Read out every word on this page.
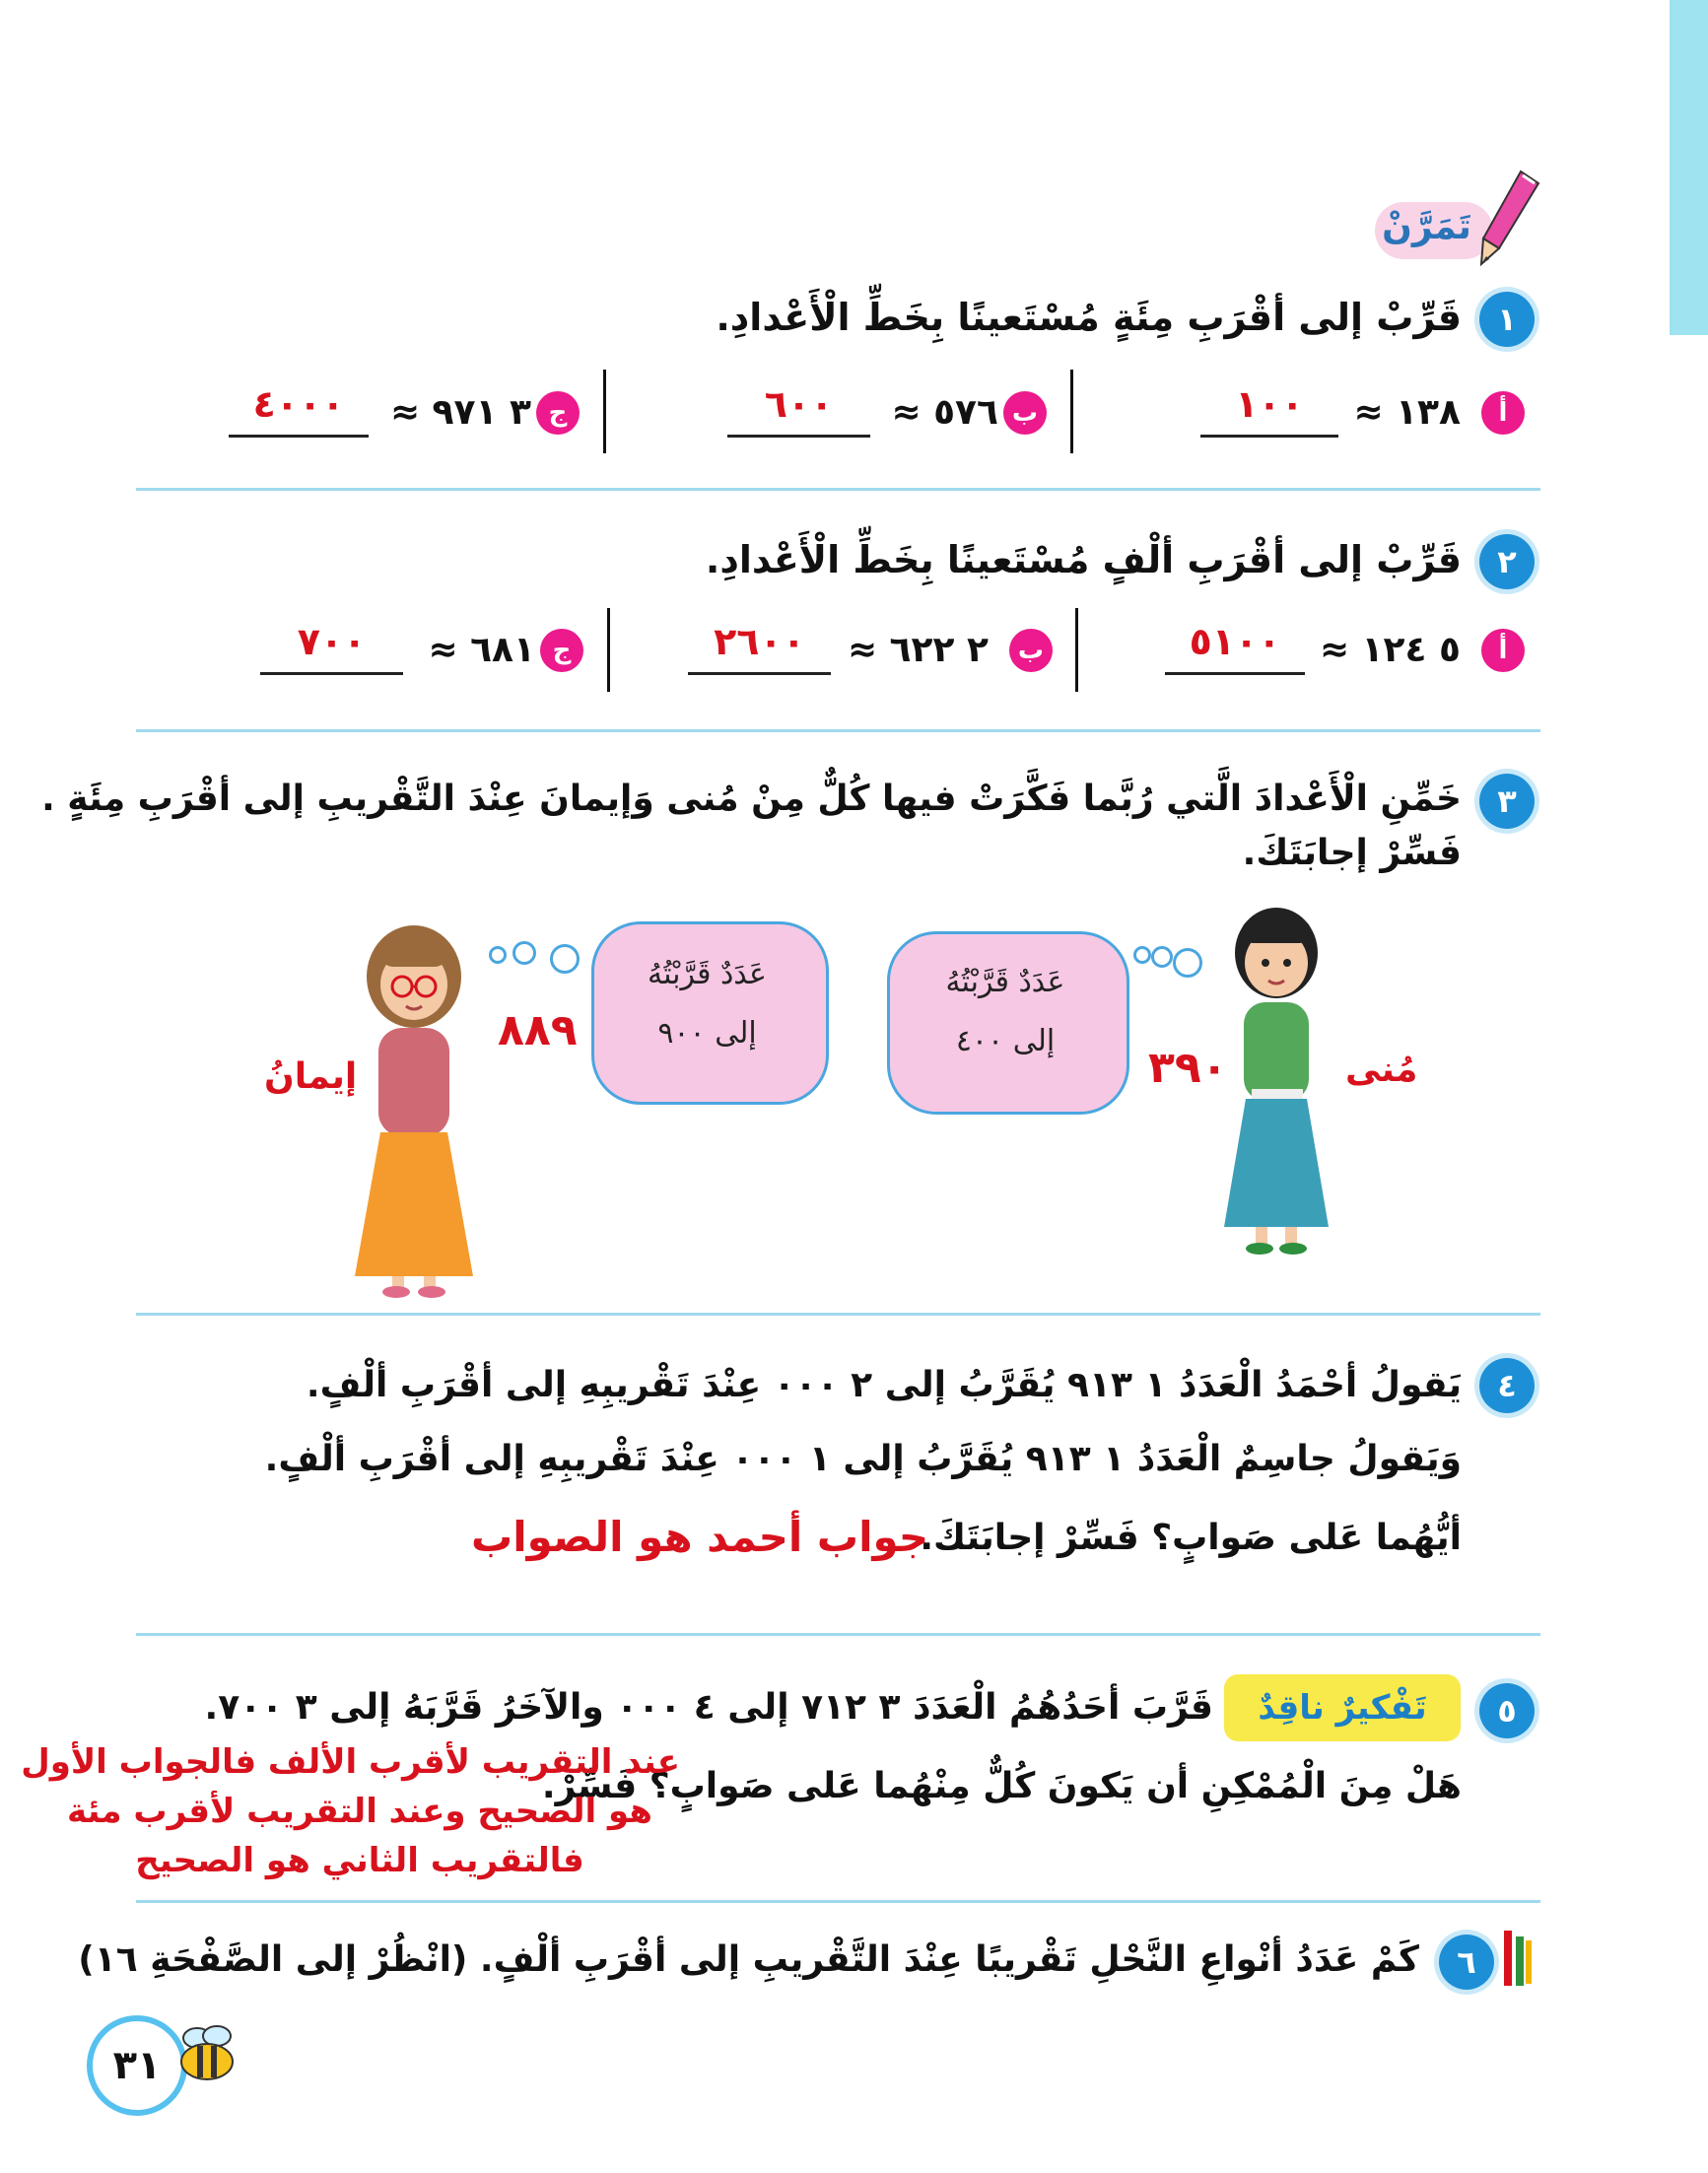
تَمَرَّنْ
١
قَرِّبْ إلى أقْرَبِ مِئَةٍ مُسْتَعينًا بِخَطِّ الْأَعْدادِ.
أ
١٣٨ ≈
١٠٠
ب
٥٧٦ ≈
٦٠٠
ج
٣ ٩٧١ ≈
٤٠٠٠
٢
قَرِّبْ إلى أقْرَبِ ألْفٍ مُسْتَعينًا بِخَطِّ الْأَعْدادِ.
أ
٥ ١٢٤ ≈
٥١٠٠
ب
٢ ٦٢٢ ≈
٢٦٠٠
ج
٦٨١ ≈
٧٠٠
٣
خَمِّنِ الْأَعْدادَ الَّتي رُبَّما فَكَّرَتْ فيها كُلٌّ مِنْ مُنى وَإيمانَ عِنْدَ التَّقْريبِ إلى أقْرَبِ مِئَةٍ .
فَسِّرْ إجابَتَكَ.
عَدَدٌ قَرَّبْتُهُ
إلى ٤٠٠
عَدَدٌ قَرَّبْتُهُ
إلى ٩٠٠
مُنى
٣٩٠
إيمانُ
٨٨٩
٤
يَقولُ أحْمَدُ الْعَدَدُ ١ ٩١٣ يُقَرَّبُ إلى ٢ ٠٠٠ عِنْدَ تَقْريبِهِ إلى أقْرَبِ ألْفٍ.
وَيَقولُ جاسِمٌ الْعَدَدُ ١ ٩١٣ يُقَرَّبُ إلى ١ ٠٠٠ عِنْدَ تَقْريبِهِ إلى أقْرَبِ ألْفٍ.
أيُّهُما عَلى صَوابٍ؟ فَسِّرْ إجابَتَكَ.
جواب أحمد هو الصواب
٥
تَفْكيرٌ ناقِدٌ
قَرَّبَ أحَدُهُمُ الْعَدَدَ ٣ ٧١٢ إلى ٤ ٠٠٠ والآخَرُ قَرَّبَهُ إلى ٣ ٧٠٠.
هَلْ مِنَ الْمُمْكِنِ أن يَكونَ كُلٌّ مِنْهُما عَلى صَوابٍ؟ فَسِّرْ.
عند التقريب لأقرب الألف فالجواب الأول
هو الصحيح وعند التقريب لأقرب مئة
فالتقريب الثاني هو الصحيح
٦
كَمْ عَدَدُ أنْواعِ النَّحْلِ تَقْريبًا عِنْدَ التَّقْريبِ إلى أقْرَبِ ألْفٍ. (انْظُرْ إلى الصَّفْحَةِ ١٦)
٣١
